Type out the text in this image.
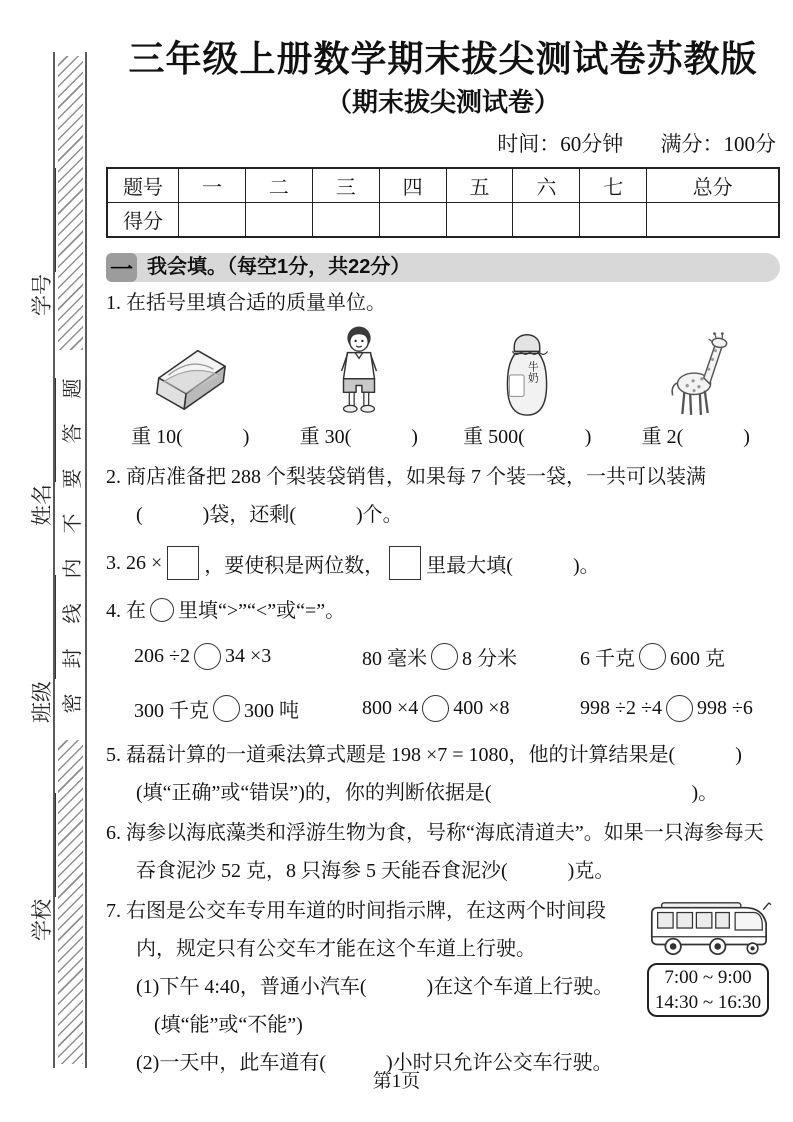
密封线内不要答题
学号
姓名
班级
学校
三年级上册数学期末拔尖测试卷苏教版
（期末拔尖测试卷）
时间：60分钟 满分：100分
题号	一	二	三	四	五	六	七	总分
得分								
一 我会填。（每空1分，共22分）
1. 在括号里填合适的质量单位。
重 10(　　　)	重 30(　　　)
牛奶
重 500(　　　)	重 2(　　　)
2. 商店准备把 288 个梨装袋销售，如果每 7 个装一袋，一共可以装满
(　　　)袋，还剩(　　　)个。
3. 26 × ，要使积是两位数， 里最大填(　　　)。
4. 在 里填“>”“<”或“=”。
206 ÷2 34 ×3	80 毫米 8 分米	6 千克 600 克
300 千克 300 吨	800 ×4 400 ×8	998 ÷2 ÷4 998 ÷6
5. 磊磊计算的一道乘法算式题是 198 ×7 = 1080，他的计算结果是(　　　)
(填“正确”或“错误”)的，你的判断依据是(　　　　　　　　　　)。
6. 海参以海底藻类和浮游生物为食，号称“海底清道夫”。如果一只海参每天
吞食泥沙 52 克，8 只海参 5 天能吞食泥沙(　　　)克。
7. 右图是公交车专用车道的时间指示牌，在这两个时间段
内，规定只有公交车才能在这个车道上行驶。
(1)下午 4:40，普通小汽车(　　　)在这个车道上行驶。
(填“能”或“不能”)
(2)一天中，此车道有(　　　)小时只允许公交车行驶。
7:00 ~ 9:00
14:30 ~ 16:30
第1页
